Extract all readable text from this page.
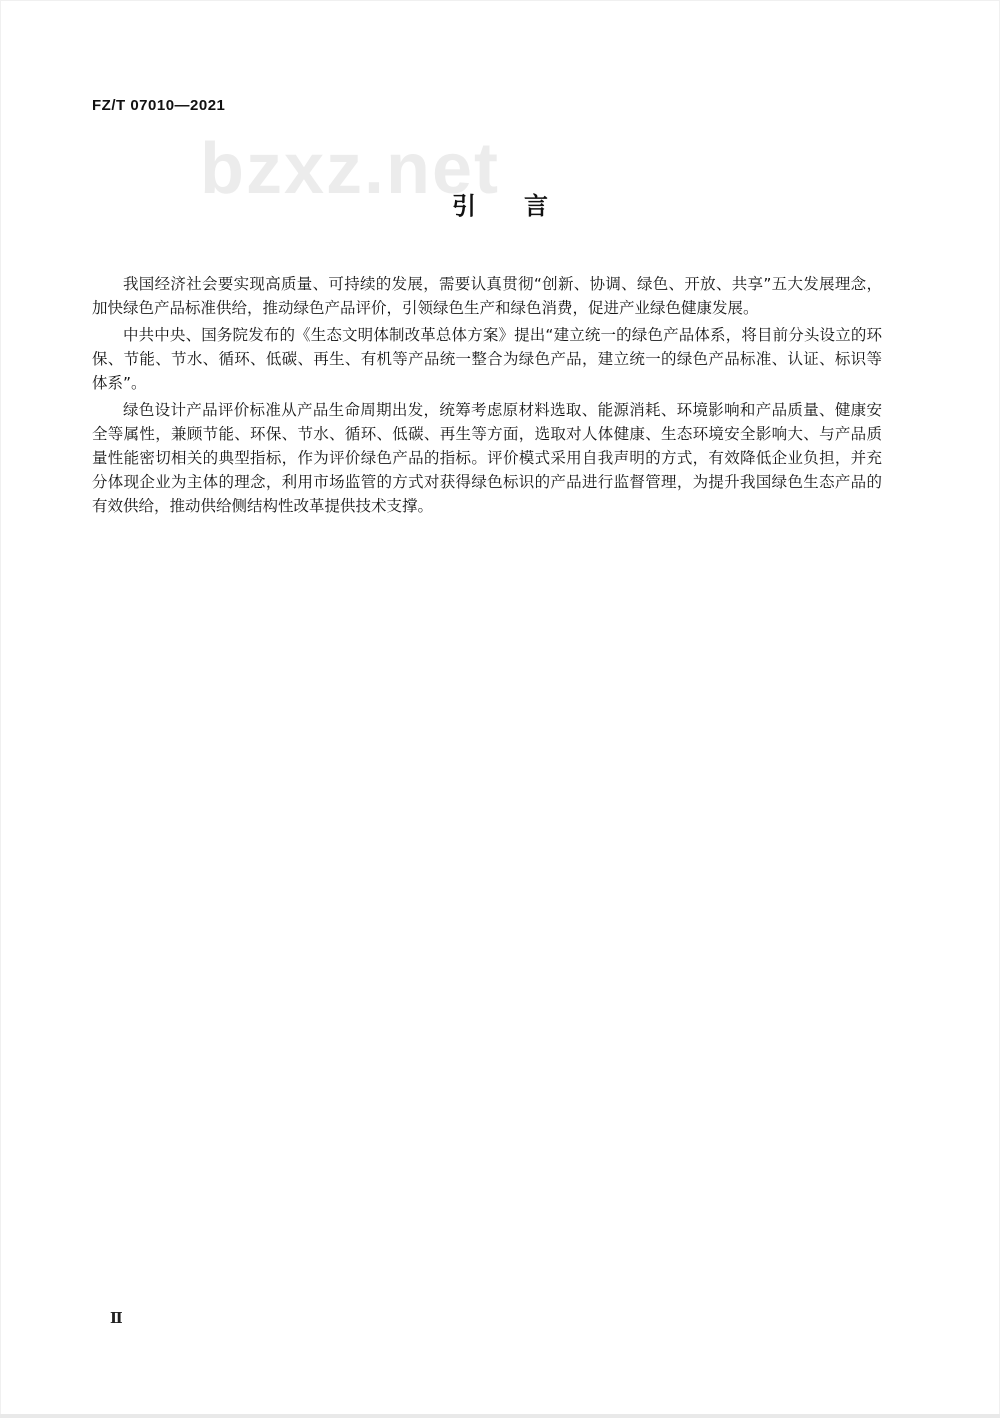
FZ/T 07010—2021
bzxz.net
引言

我国经济社会要实现高质量、可持续的发展，需要认真贯彻“创新、协调、绿色、开放、共享”五大发展理念，加快绿色产品标准供给，推动绿色产品评价，引领绿色生产和绿色消费，促进产业绿色健康发展。

中共中央、国务院发布的《生态文明体制改革总体方案》提出“建立统一的绿色产品体系，将目前分头设立的环保、节能、节水、循环、低碳、再生、有机等产品统一整合为绿色产品，建立统一的绿色产品标准、认证、标识等体系”。

绿色设计产品评价标准从产品生命周期出发，统筹考虑原材料选取、能源消耗、环境影响和产品质量、健康安全等属性，兼顾节能、环保、节水、循环、低碳、再生等方面，选取对人体健康、生态环境安全影响大、与产品质量性能密切相关的典型指标，作为评价绿色产品的指标。评价模式采用自我声明的方式，有效降低企业负担，并充分体现企业为主体的理念，利用市场监管的方式对获得绿色标识的产品进行监督管理，为提升我国绿色生态产品的有效供给，推动供给侧结构性改革提供技术支撑。

Ⅱ
